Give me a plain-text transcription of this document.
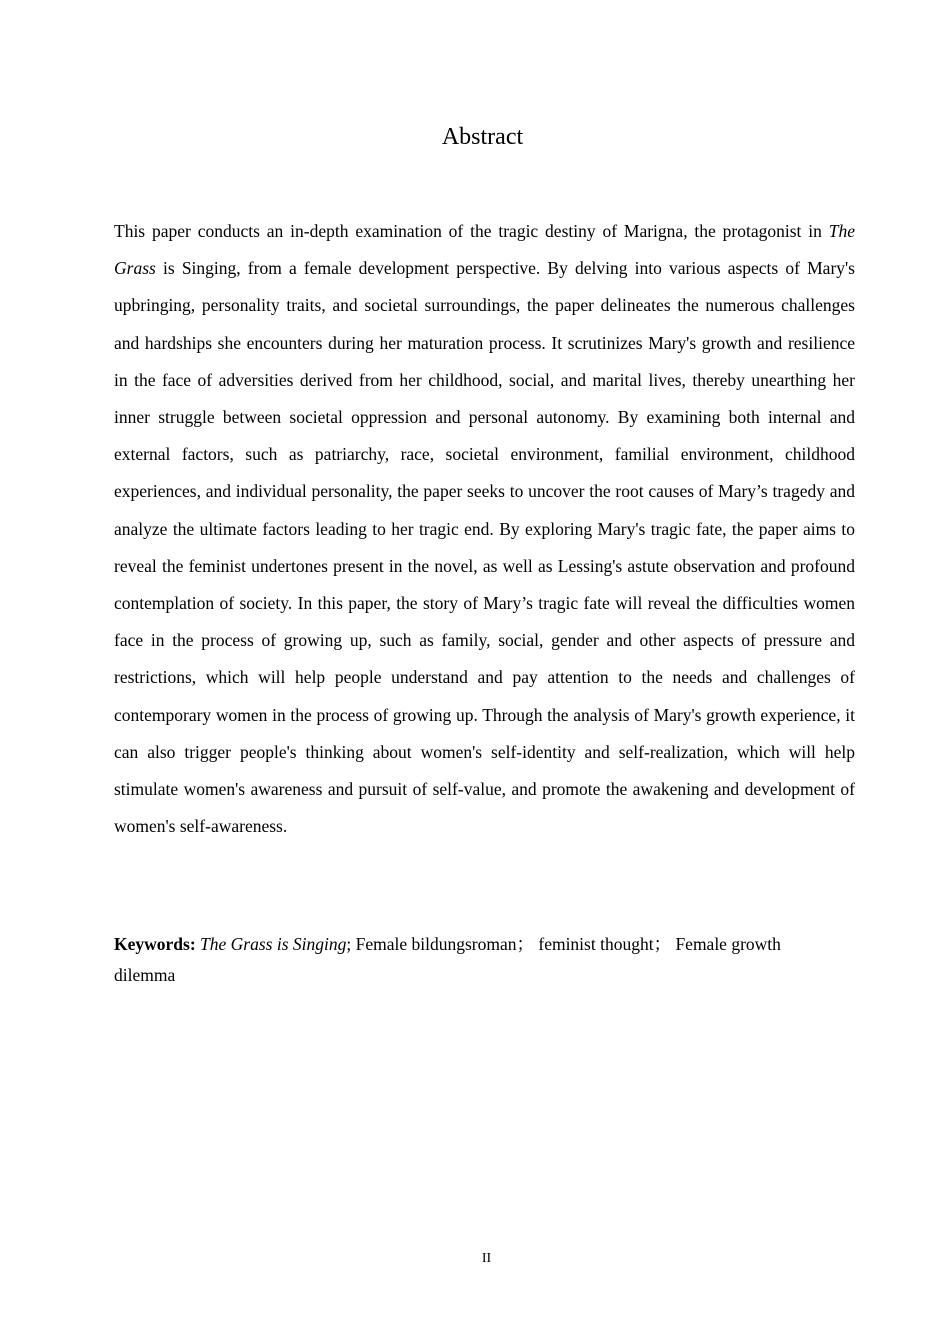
Abstract

This paper conducts an in-depth examination of the tragic destiny of Marigna, the protagonist in The Grass is Singing, from a female development perspective. By delving into various aspects of Mary's upbringing, personality traits, and societal surroundings, the paper delineates the numerous challenges and hardships she encounters during her maturation process. It scrutinizes Mary's growth and resilience in the face of adversities derived from her childhood, social, and marital lives, thereby unearthing her inner struggle between societal oppression and personal autonomy. By examining both internal and external factors, such as patriarchy, race, societal environment, familial environment, childhood experiences, and individual personality, the paper seeks to uncover the root causes of Mary’s tragedy and analyze the ultimate factors leading to her tragic end. By exploring Mary's tragic fate, the paper aims to reveal the feminist undertones present in the novel, as well as Lessing's astute observation and profound contemplation of society. In this paper, the story of Mary’s tragic fate will reveal the difficulties women face in the process of growing up, such as family, social, gender and other aspects of pressure and restrictions, which will help people understand and pay attention to the needs and challenges of contemporary women in the process of growing up. Through the analysis of Mary's growth experience, it can also trigger people's thinking about women's self-identity and self-realization, which will help stimulate women's awareness and pursuit of self-value, and promote the awakening and development of women's self-awareness.

Keywords: The Grass is Singing; Female bildungsroman； feminist thought； Female growth dilemma

II
